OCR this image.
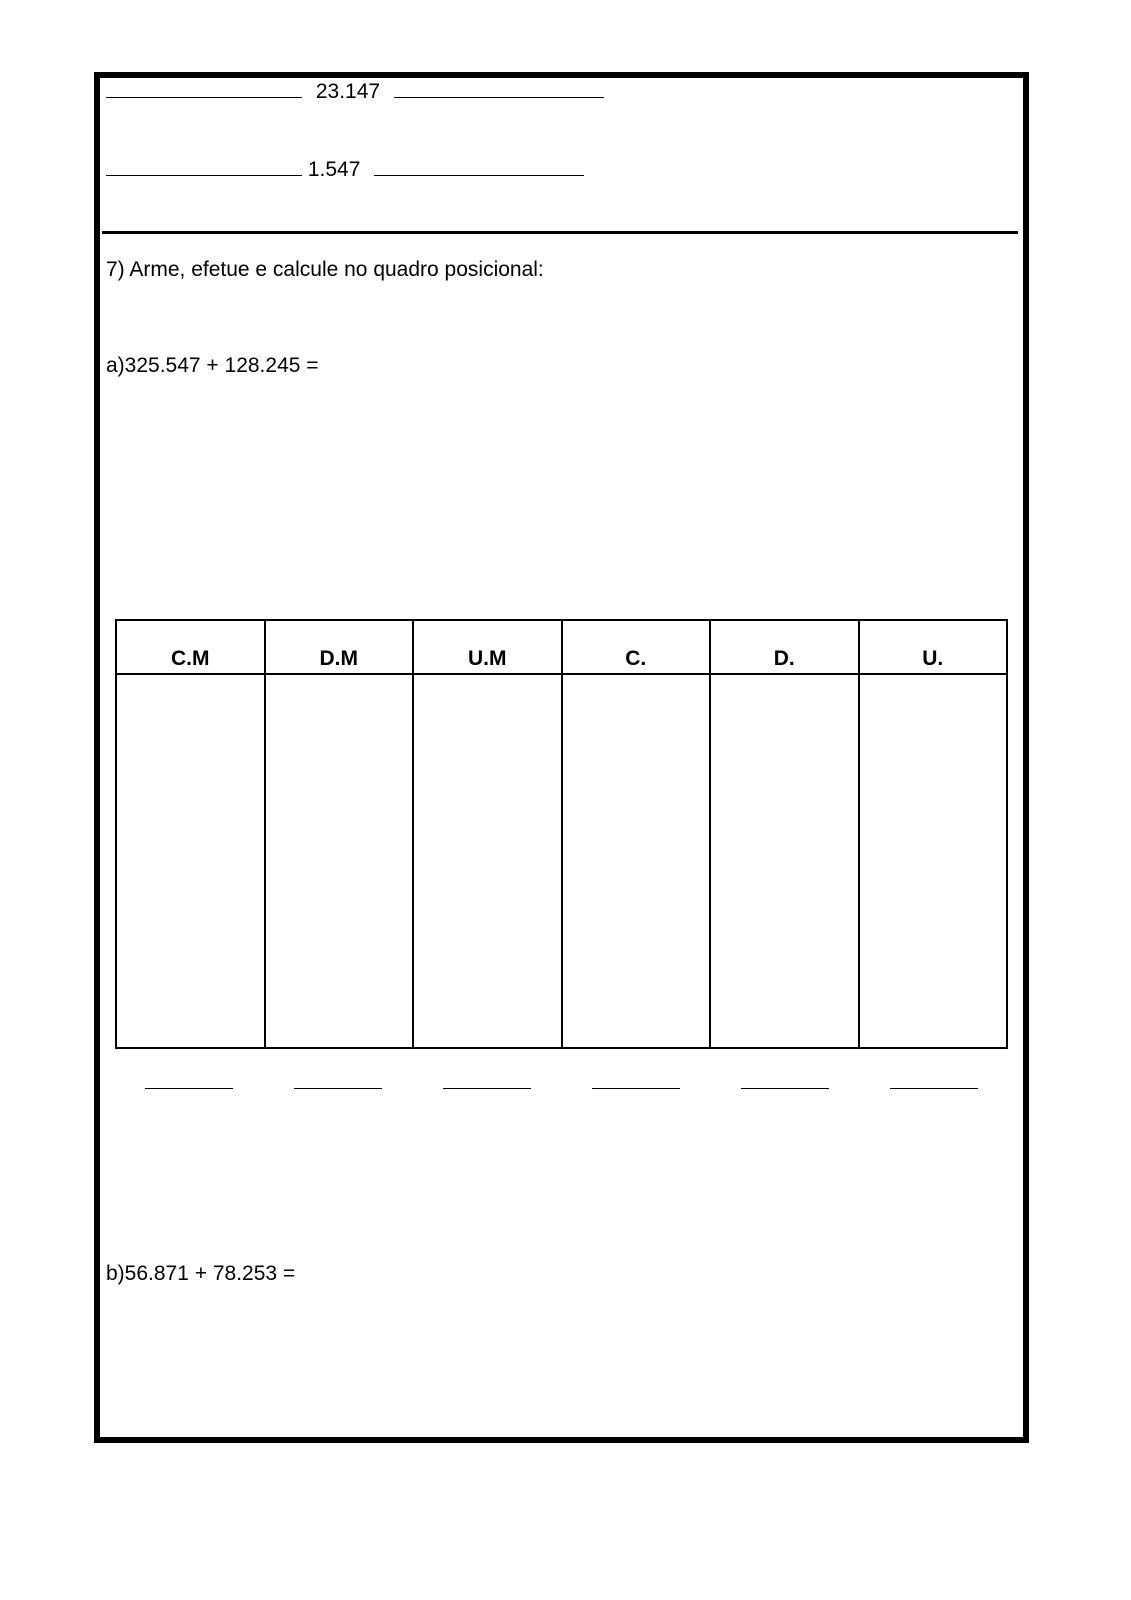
23.147
1.547
7) Arme, efetue e calcule no quadro posicional:
a)325.547 + 128.245 =
C.M	D.M	U.M	C.	D.	U.

b)56.871 + 78.253 =
